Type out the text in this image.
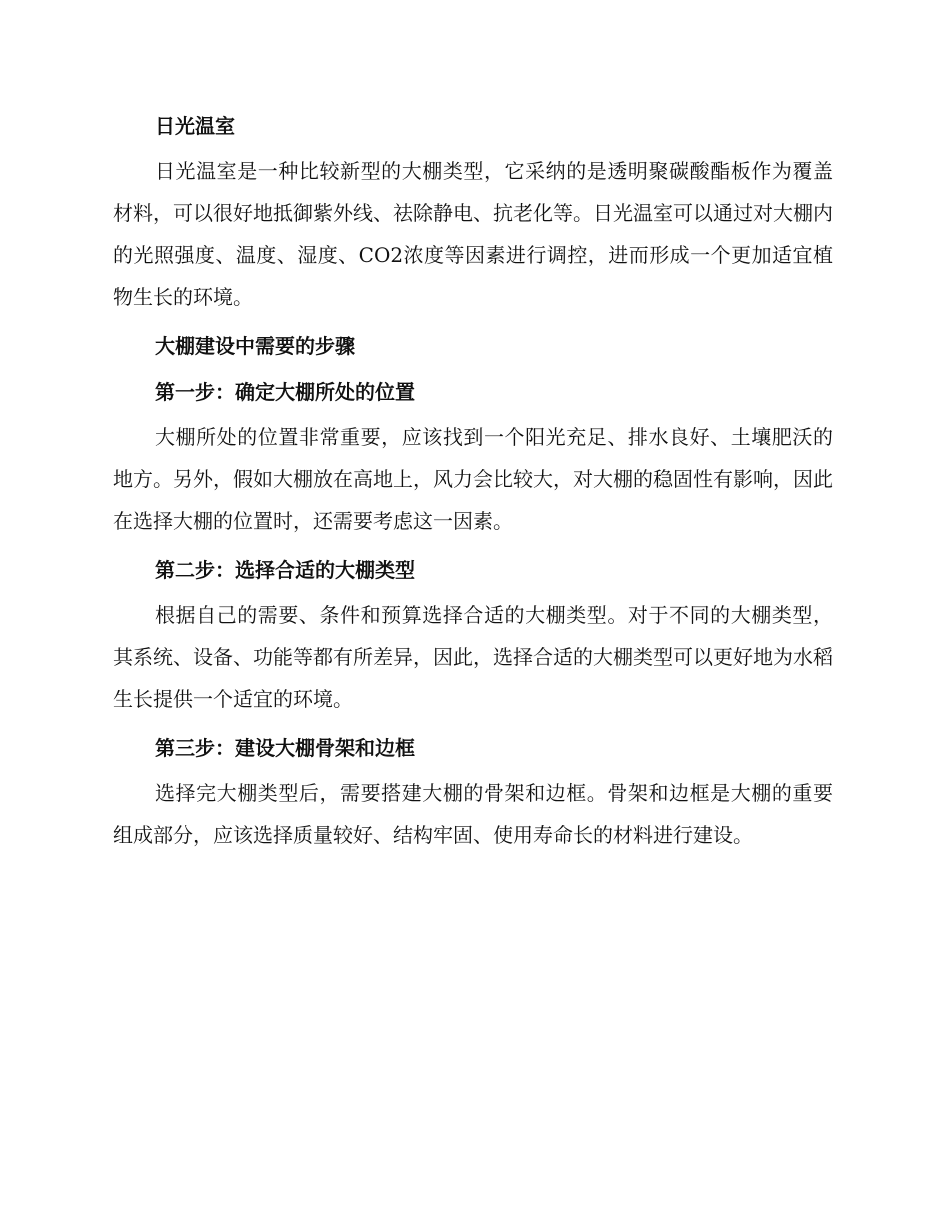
日光温室

日光温室是一种比较新型的大棚类型，它采纳的是透明聚碳酸酯板作为覆盖材料，可以很好地抵御紫外线、祛除静电、抗老化等。日光温室可以通过对大棚内的光照强度、温度、湿度、CO2浓度等因素进行调控，进而形成一个更加适宜植物生长的环境。

大棚建设中需要的步骤

第一步：确定大棚所处的位置

大棚所处的位置非常重要，应该找到一个阳光充足、排水良好、土壤肥沃的地方。另外，假如大棚放在高地上，风力会比较大，对大棚的稳固性有影响，因此在选择大棚的位置时，还需要考虑这一因素。

第二步：选择合适的大棚类型

根据自己的需要、条件和预算选择合适的大棚类型。对于不同的大棚类型，其系统、设备、功能等都有所差异，因此，选择合适的大棚类型可以更好地为水稻生长提供一个适宜的环境。

第三步：建设大棚骨架和边框

选择完大棚类型后，需要搭建大棚的骨架和边框。骨架和边框是大棚的重要组成部分，应该选择质量较好、结构牢固、使用寿命长的材料进行建设。
